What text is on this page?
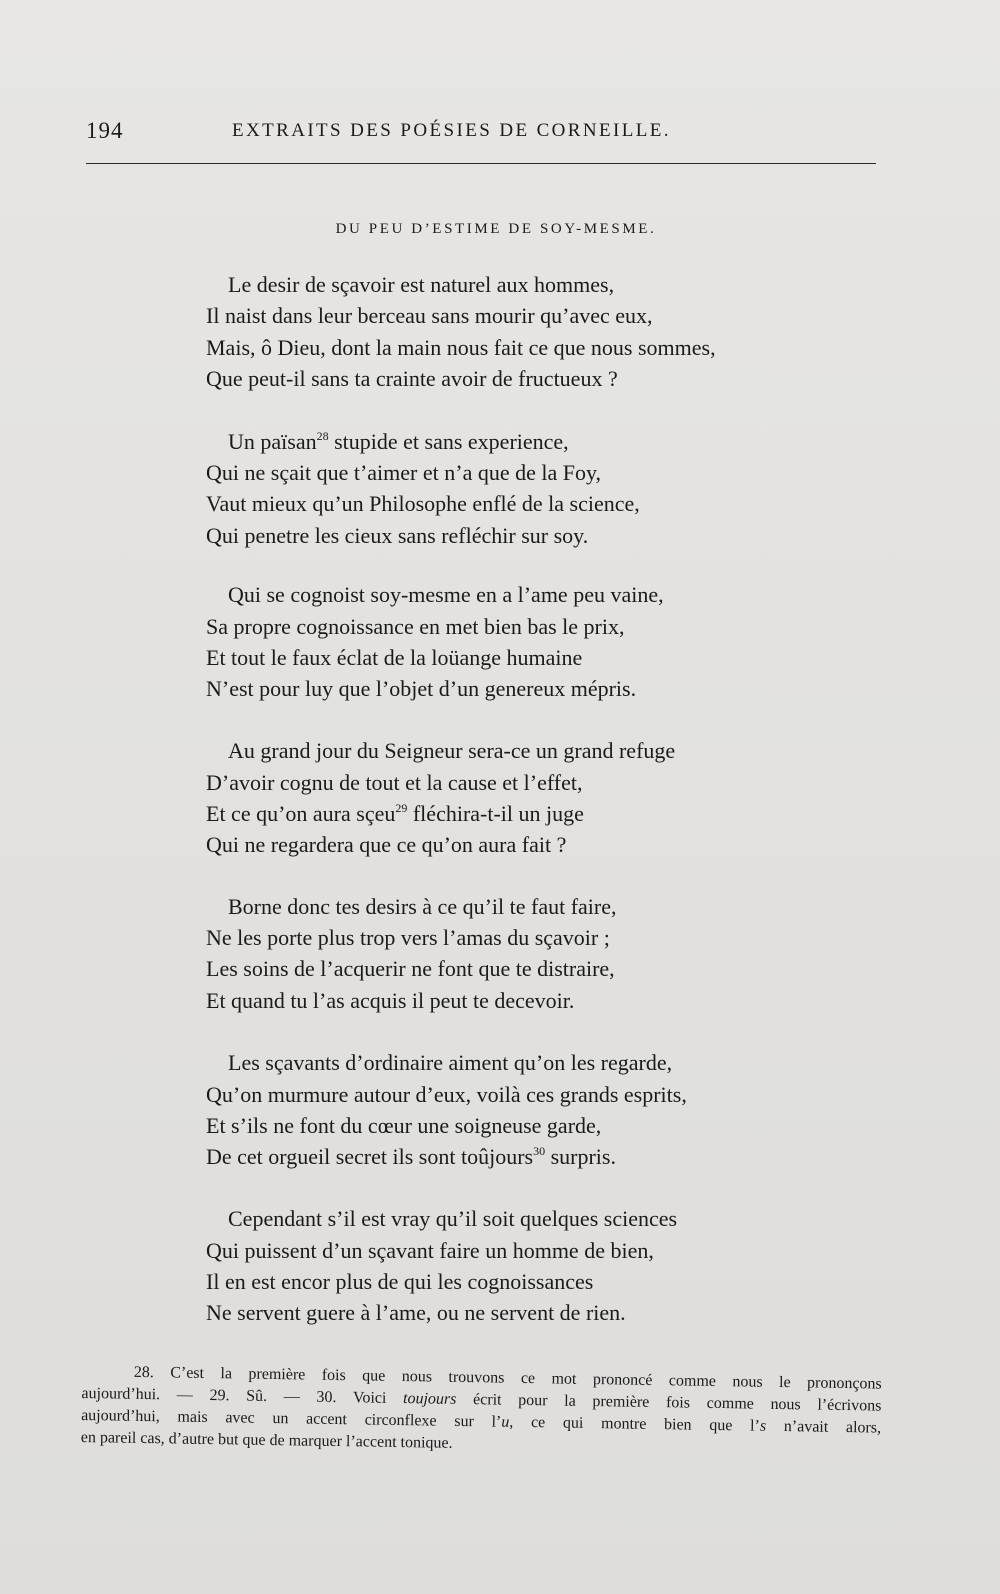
194	EXTRAITS DES POÉSIES DE CORNEILLE.
DU PEU D’ESTIME DE SOY-MESME.
Le desir de sçavoir est naturel aux hommes,
Il naist dans leur berceau sans mourir qu’avec eux,
Mais, ô Dieu, dont la main nous fait ce que nous sommes,
Que peut-il sans ta crainte avoir de fructueux ?
Un païsan$^{28}$ stupide et sans experience,
Qui ne sçait que t’aimer et n’a que de la Foy,
Vaut mieux qu’un Philosophe enflé de la science,
Qui penetre les cieux sans refléchir sur soy.
Qui se cognoist soy-mesme en a l’ame peu vaine,
Sa propre cognoissance en met bien bas le prix,
Et tout le faux éclat de la loüange humaine
N’est pour luy que l’objet d’un genereux mépris.
Au grand jour du Seigneur sera-ce un grand refuge
D’avoir cognu de tout et la cause et l’effet,
Et ce qu’on aura sçeu$^{29}$ fléchira-t-il un juge
Qui ne regardera que ce qu’on aura fait ?
Borne donc tes desirs à ce qu’il te faut faire,
Ne les porte plus trop vers l’amas du sçavoir ;
Les soins de l’acquerir ne font que te distraire,
Et quand tu l’as acquis il peut te decevoir.
Les sçavants d’ordinaire aiment qu’on les regarde,
Qu’on murmure autour d’eux, voilà ces grands esprits,
Et s’ils ne font du cœur une soigneuse garde,
De cet orgueil secret ils sont toûjours$^{30}$ surpris.
Cependant s’il est vray qu’il soit quelques sciences
Qui puissent d’un sçavant faire un homme de bien,
Il en est encor plus de qui les cognoissances
Ne servent guere à l’ame, ou ne servent de rien.
28. C’est la première fois que nous trouvons ce mot prononcé comme nous le prononçons
aujourd’hui. — 29. Sû. — 30. Voici toujours écrit pour la première fois comme nous l’écrivons
aujourd’hui, mais avec un accent circonflexe sur l’u, ce qui montre bien que l’s n’avait alors,
en pareil cas, d’autre but que de marquer l’accent tonique.
